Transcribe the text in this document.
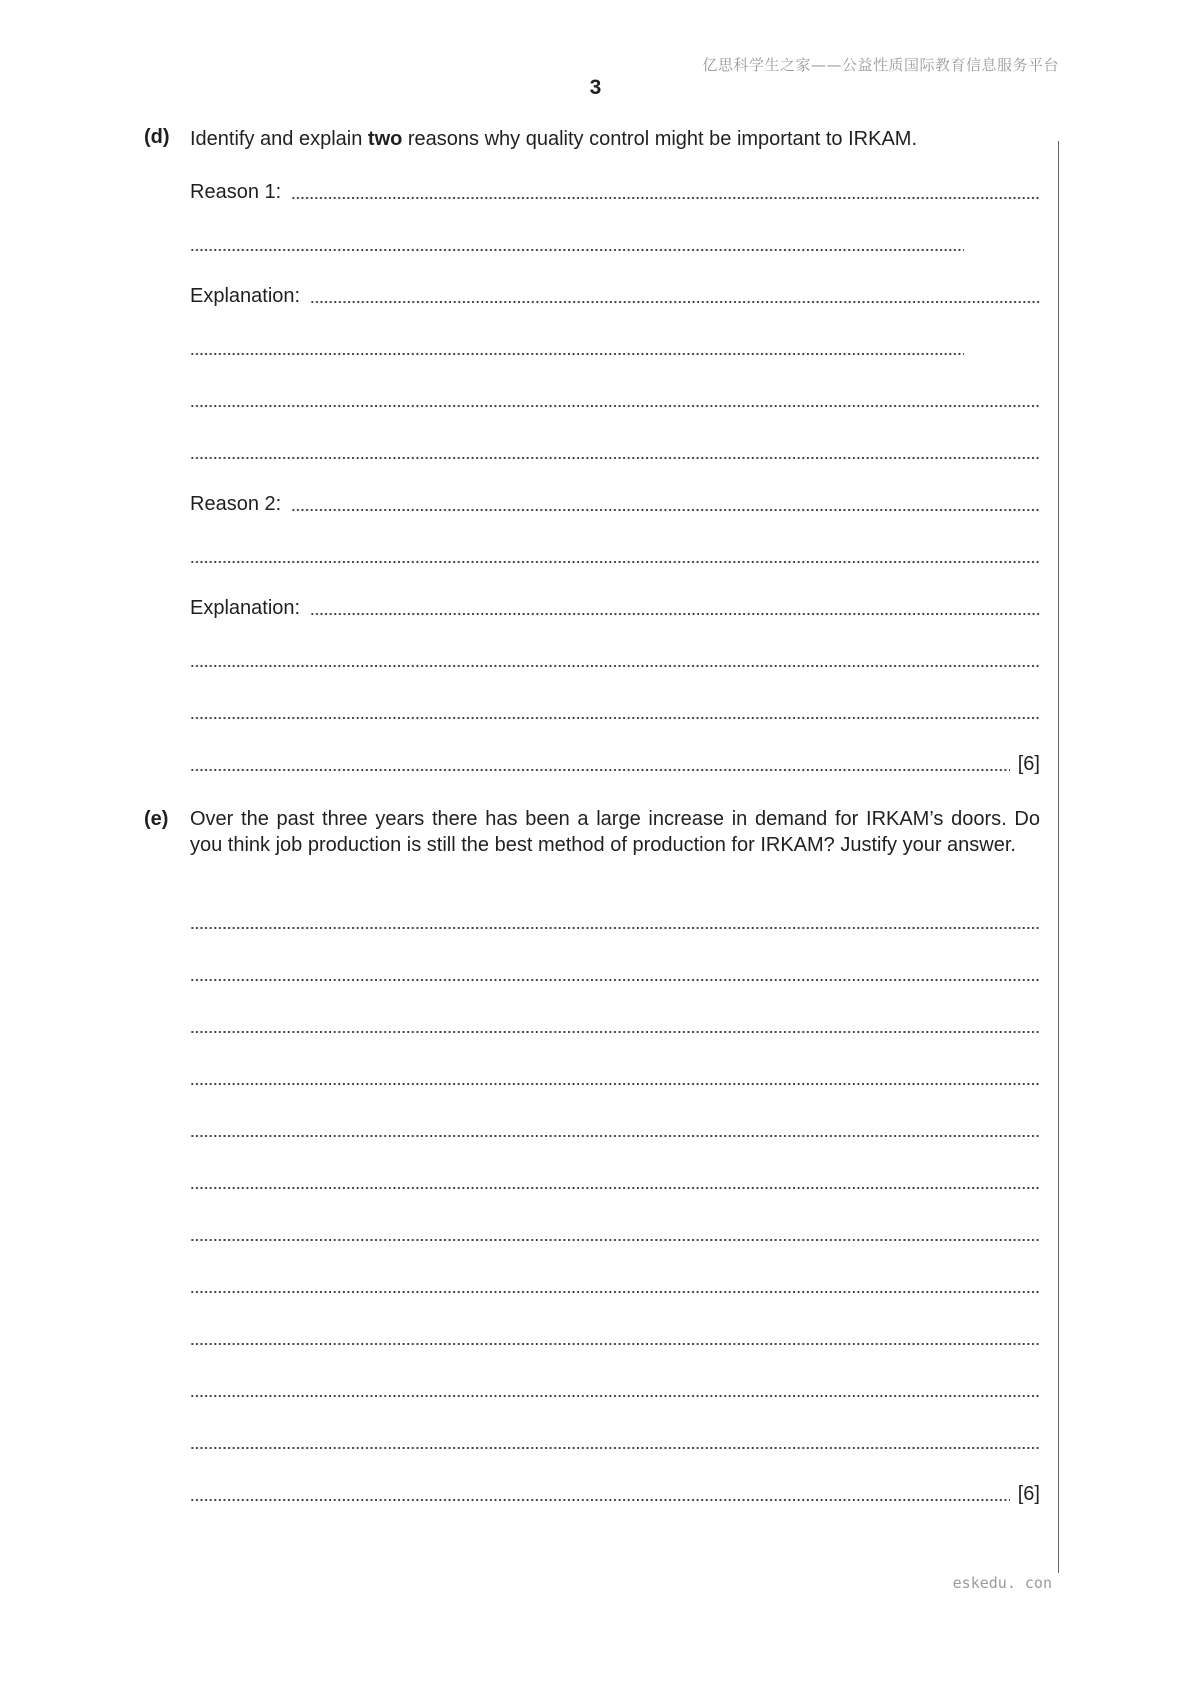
亿思科学生之家——公益性质国际教育信息服务平台
3
(d) Identify and explain two reasons why quality control might be important to IRKAM.
Reason 1:
Explanation:
Reason 2:
Explanation:
[6]
(e) Over the past three years there has been a large increase in demand for IRKAM’s doors. Do you think job production is still the best method of production for IRKAM? Justify your answer.
[6]
eskedu. con
